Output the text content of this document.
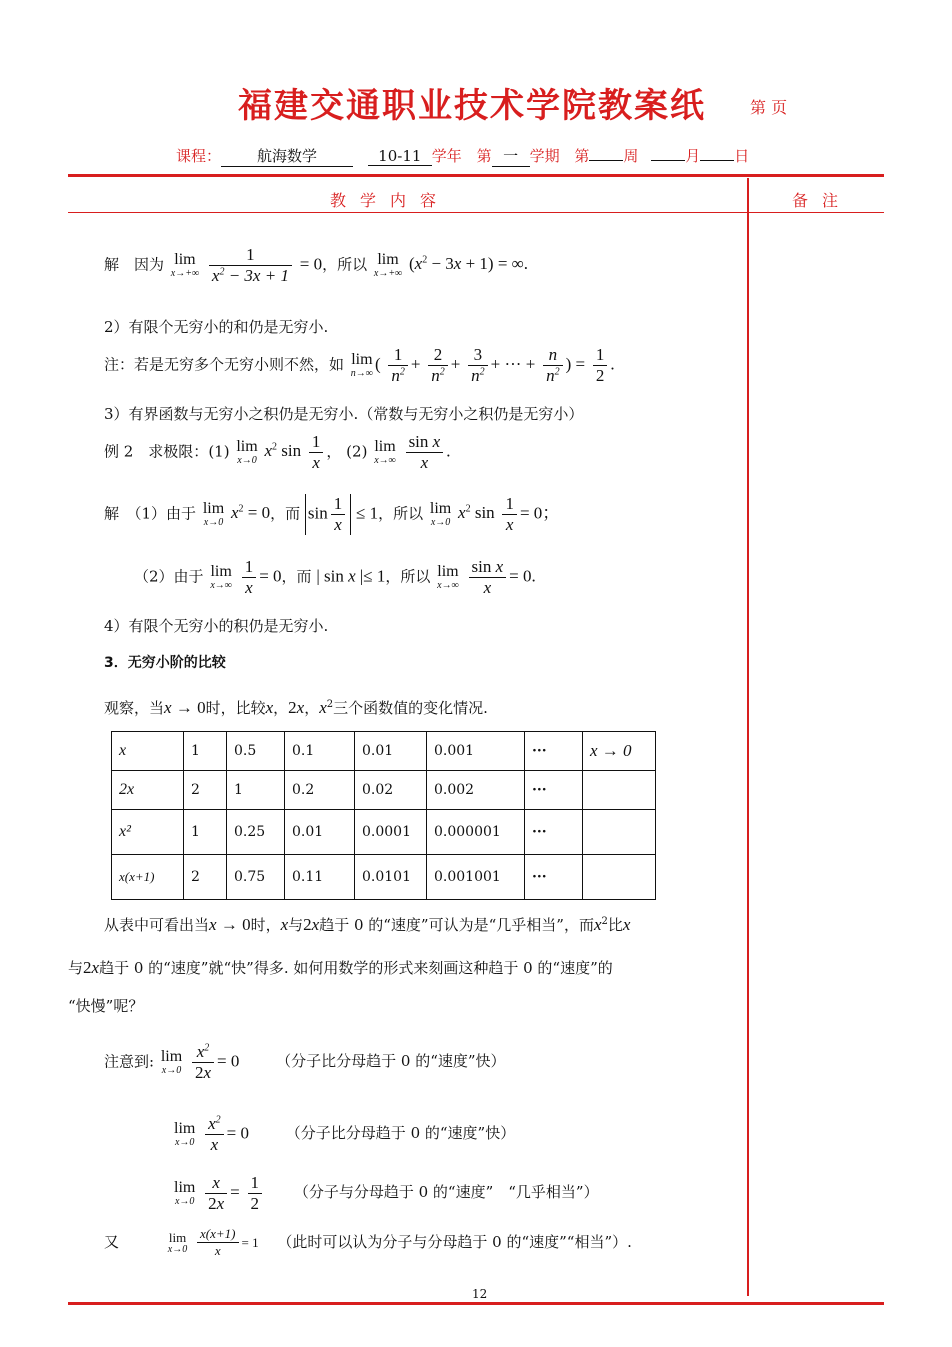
福建交通职业技术学院教案纸	第 页
课程： 航海数学	10-11 学年 第 一 学期 第 周	月 日
教学内容	备注
解　因为 lim
x→+∞
$\frac{1}{x^2 - 3x + 1} = 0$，所以 lim
x→+∞ $(x^2 - 3x + 1)$ = ∞.
2）有限个无穷小的和仍是无穷小.
注：若是无穷多个无穷小则不然，如 lim
n→∞ ( $\frac{1}{n^2} + \frac{2}{n^2} + \frac{3}{n^2}$ + ··· + $\frac{n}{n^2}$ ) = $\frac{1}{2}$ .
3）有界函数与无穷小之积仍是无穷小.（常数与无穷小之积仍是无穷小）
例 2　求极限：(1) lim
x→0 $x^2$ $\sin \frac{1}{x}$ ， (2) lim
x→∞
$\frac{\text{sin x}}{x}$ .
解　（1）由于 lim
x→0 $x^2 = 0$，而 $\sin \frac{1}{x} \le 1$，所以 lim
x→0 $x^2$ $\sin \frac{1}{x} = 0$；
（2）由于 lim
x→∞
$\frac{1}{x} = 0$，而 | sin x |≤ 1，所以 lim
x→∞
$\frac{\text{sin x}}{x} = 0$.
4）有限个无穷小的积仍是无穷小.
3．无穷小阶的比较
观察，当x → 0时，比较x，2x，$x^2$三个函数值的变化情况.
x	1	0.5	0.1	0.01	0.001	···	x → 0
2x	2	1	0.2	0.02	0.002	···	
x²	1	0.25	0.01	0.0001	0.000001	···	
x(x+1)	2	0.75	0.11	0.0101	0.001001	···	
从表中可看出当x → 0时，x与2x趋于 0 的“速度”可认为是“几乎相当”，而$x^2$比x
与2x趋于 0 的“速度”就“快”得多. 如何用数学的形式来刻画这种趋于 0 的“速度”的
“快慢”呢？
注意到: lim
x→0
$\frac{x^2}{2x} = 0$ （分子比分母趋于 0 的“速度”快）
lim
x→0
$\frac{x^2}{x} = 0$ （分子比分母趋于 0 的“速度”快）
lim
x→0
$\frac{x}{2x} = \frac{1}{2}$ （分子与分母趋于 0 的“速度”　“几乎相当”）
又	lim
x→0
$\frac{x(x+1)}{x} = 1$ （此时可以认为分子与分母趋于 0 的“速度”“相当”）.
12
